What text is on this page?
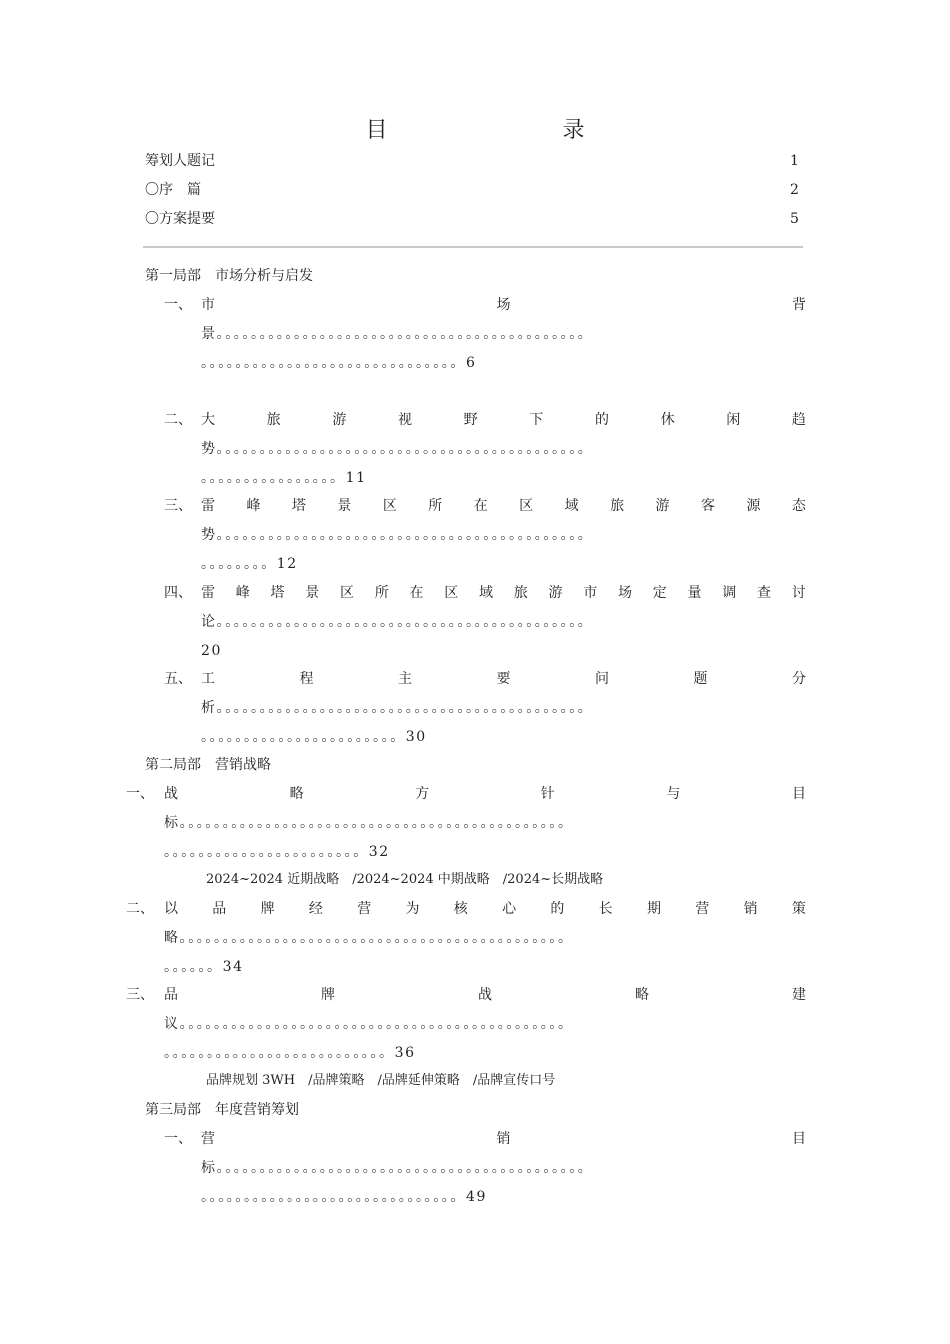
目 录
筹划人题记	1
〇序　篇	2
〇方案提要	5
第一局部　市场分析与启发
一、 市	场	背
景。。。。。。。。。。。。。。。。。。。。。。。。。。。。。。。。。。。。。。。。。。。
。。。。。。。。。。。。。。。。。。。。。。。。。。。。。。6
二、 大	旅	游	视	野	下	的	休	闲	趋
势。。。。。。。。。。。。。。。。。。。。。。。。。。。。。。。。。。。。。。。。。。。
。。。。。。。。。。。。。。。。11
三、 雷 峰 塔 景 区 所 在 区 域 旅 游 客 源 态
势。。。。。。。。。。。。。。。。。。。。。。。。。。。。。。。。。。。。。。。。。。。
。。。。。。。。12
四、 雷 峰 塔 景 区 所 在 区 域 旅 游 市 场 定 量 调 查 讨
论。。。。。。。。。。。。。。。。。。。。。。。。。。。。。。。。。。。。。。。。。。。
20
五、 工	程	主	要	问	题	分
析。。。。。。。。。。。。。。。。。。。。。。。。。。。。。。。。。。。。。。。。。。。
。。。。。。。。。。。。。。。。。。。。。。。30
第二局部　营销战略
一、 战	略	方	针	与	目
标。。。。。。。。。。。。。。。。。。。。。。。。。。。。。。。。。。。。。。。。。。。。。
。。。。。。。。。。。。。。。。。。。。。。。32
2024~2024 近期战略　/2024~2024 中期战略　/2024~长期战略
二、 以 品 牌 经 营 为 核 心 的 长 期 营 销 策
略。。。。。。。。。。。。。。。。。。。。。。。。。。。。。。。。。。。。。。。。。。。。。
。。。。。。34
三、 品	牌	战	略	建
议。。。。。。。。。。。。。。。。。。。。。。。。。。。。。。。。。。。。。。。。。。。。。
。。。。。。。。。。。。。。。。。。。。。。。。。。36
品牌规划 3WH　/品牌策略　/品牌延伸策略　/品牌宣传口号
第三局部　年度营销筹划
一、 营	销	目
标。。。。。。。。。。。。。。。。。。。。。。。。。。。。。。。。。。。。。。。。。。。
。。。。。。。。。。。。。。。。。。。。。。。。。。。。。。49
